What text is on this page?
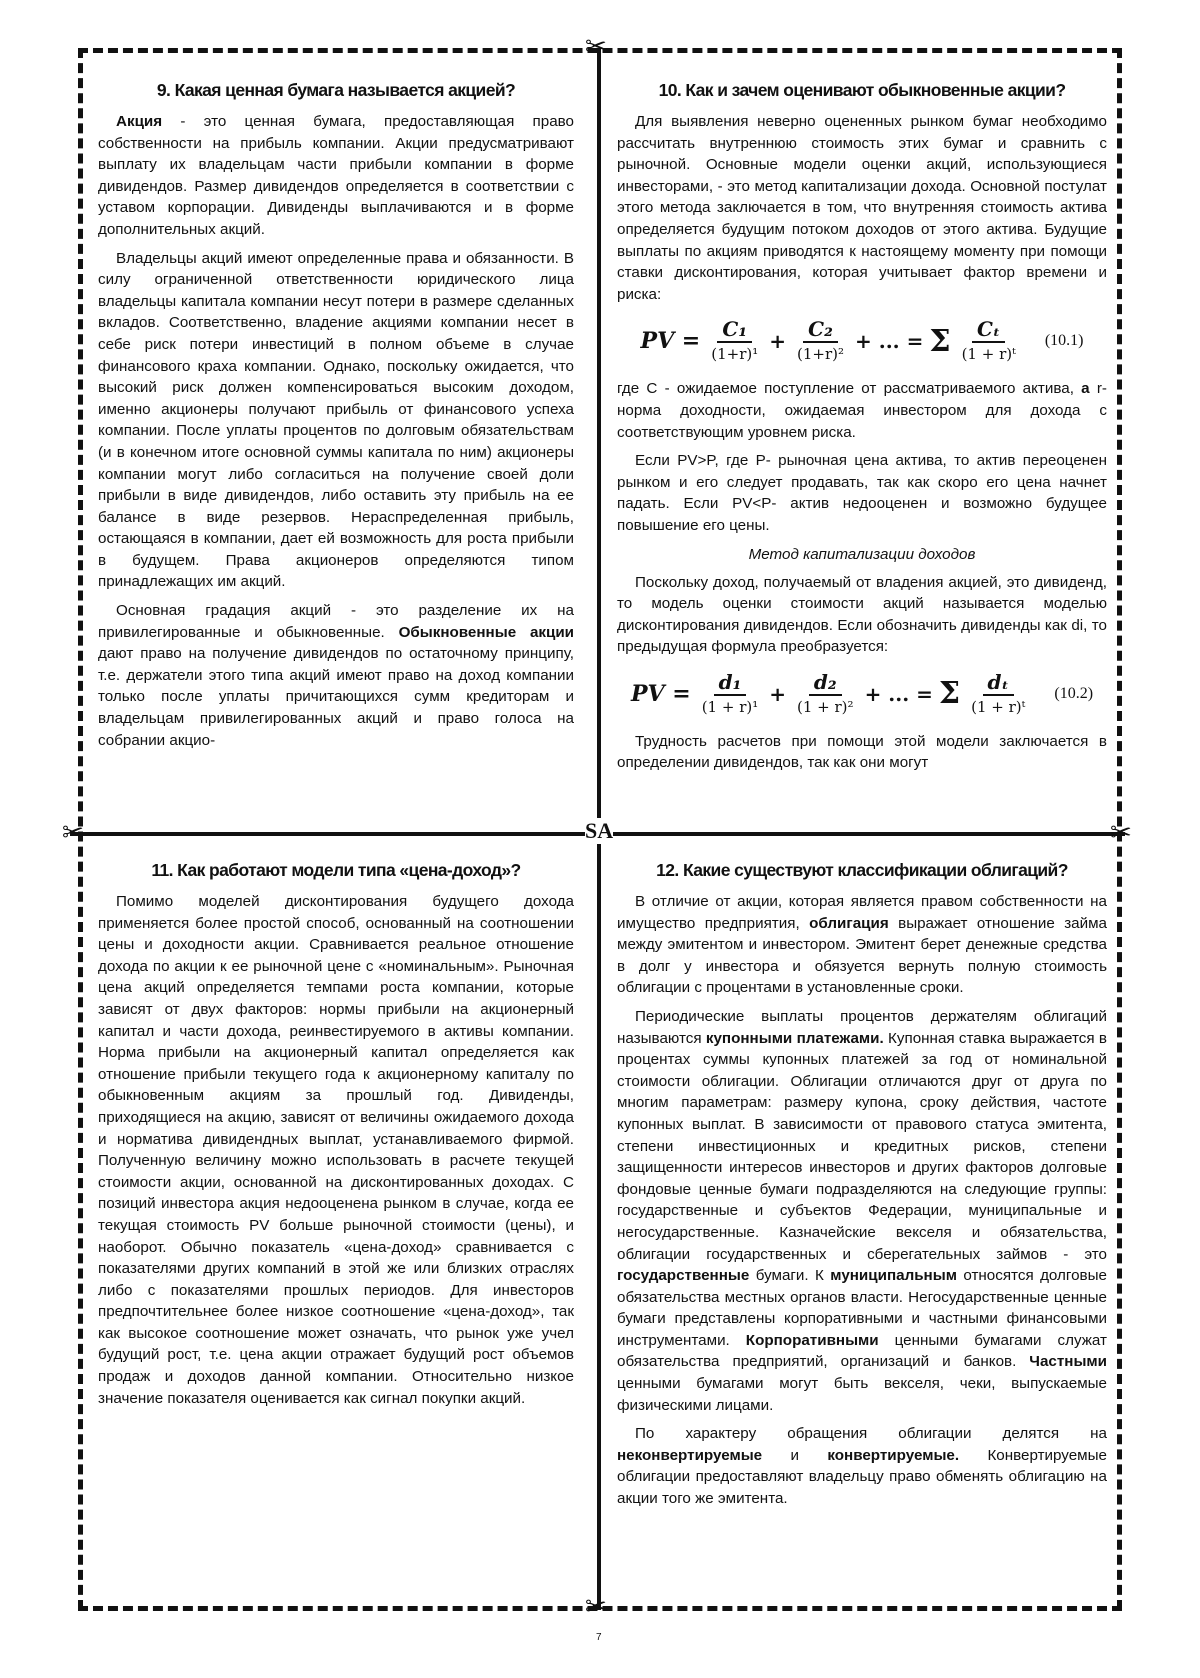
✂
✂	✂
✂
SA
9. Какая ценная бумага называется акцией?

Акция - это ценная бумага, предоставляющая право собственности на прибыль компании. Акции предусматривают выплату их владельцам части прибыли компании в форме дивидендов. Размер дивидендов определяется в соответствии с уставом корпорации. Дивиденды выплачиваются и в форме дополнительных акций.

Владельцы акций имеют определенные права и обязанности. В силу ограниченной ответственности юридического лица владельцы капитала компании несут потери в размере сделанных вкладов. Соответственно, владение акциями компании несет в себе риск потери инвестиций в полном объеме в случае финансового краха компании. Однако, поскольку ожидается, что высокий риск должен компенсироваться высоким доходом, именно акционеры получают прибыль от финансового успеха компании. После уплаты процентов по долговым обязательствам (и в конечном итоге основной суммы капитала по ним) акционеры компании могут либо согласиться на получение своей доли прибыли в виде дивидендов, либо оставить эту прибыль на ее балансе в виде резервов. Нераспределенная прибыль, остающаяся в компании, дает ей возможность для роста прибыли в будущем. Права акционеров определяются типом принадлежащих им акций.

Основная градация акций - это разделение их на привилегированные и обыкновенные. Обыкновенные акции дают право на получение дивидендов по остаточному принципу, т.е. держатели этого типа акций имеют право на доход компании только после уплаты причитающихся сумм кредиторам и владельцам привилегированных акций и право голоса на собрании акцио-

10. Как и зачем оценивают обыкновенные акции?

Для выявления неверно оцененных рынком бумаг необходимо рассчитать внутреннюю стоимость этих бумаг и сравнить с рыночной. Основные модели оценки акций, использующиеся инвесторами, - это метод капитализации дохода. Основной постулат этого метода заключается в том, что внутренняя стоимость актива определяется будущим потоком доходов от этого актива. Будущие выплаты по акциям приводятся к настоящему моменту при помощи ставки дисконтирования, которая учитывает фактор времени и риска:

PV = $\frac{\text{C₁}}{\text{(1+r)¹}} + \frac{\text{C₂}}{\text{(1+r)²}}$ + ... = Σ $\frac{\text{Cₜ}}{\text{(1 + r)ᵗ}} (10.1)$

где С - ожидаемое поступление от рассматриваемого актива, а r- норма доходности, ожидаемая инвестором для дохода с соответствующим уровнем риска.

Если PV>P, где P- рыночная цена актива, то актив переоценен рынком и его следует продавать, так как скоро его цена начнет падать. Если PV<P- актив недооценен и возможно будущее повышение его цены.

Метод капитализации доходов

Поскольку доход, получаемый от владения акцией, это дивиденд, то модель оценки стоимости акций называется моделью дисконтирования дивидендов. Если обозначить дивиденды как di, то предыдущая формула преобразуется:

PV = $\frac{\text{d₁}}{\text{(1 + r)¹}} + \frac{\text{d₂}}{\text{(1 + r)²}}$ + ... = Σ $\frac{\text{dₜ}}{\text{(1 + r)ᵗ}} (10.2)$

Трудность расчетов при помощи этой модели заключается в определении дивидендов, так как они могут

11. Как работают модели типа «цена-доход»?

Помимо моделей дисконтирования будущего дохода применяется более простой способ, основанный на соотношении цены и доходности акции. Сравнивается реальное отношение дохода по акции к ее рыночной цене с «номинальным». Рыночная цена акций определяется темпами роста компании, которые зависят от двух факторов: нормы прибыли на акционерный капитал и части дохода, реинвестируемого в активы компании. Норма прибыли на акционерный капитал определяется как отношение прибыли текущего года к акционерному капиталу по обыкновенным акциям за прошлый год. Дивиденды, приходящиеся на акцию, зависят от величины ожидаемого дохода и норматива дивидендных выплат, устанавливаемого фирмой. Полученную величину можно использовать в расчете текущей стоимости акции, основанной на дисконтированных доходах. С позиций инвестора акция недооценена рынком в случае, когда ее текущая стоимость PV больше рыночной стоимости (цены), и наоборот. Обычно показатель «цена-доход» сравнивается с показателями других компаний в этой же или близких отраслях либо с показателями прошлых периодов. Для инвесторов предпочтительнее более низкое соотношение «цена-доход», так как высокое соотношение может означать, что рынок уже учел будущий рост, т.е. цена акции отражает будущий рост объемов продаж и доходов данной компании. Относительно низкое значение показателя оценивается как сигнал покупки акций.

12. Какие существуют классификации облигаций?

В отличие от акции, которая является правом собственности на имущество предприятия, облигация выражает отношение займа между эмитентом и инвестором. Эмитент берет денежные средства в долг у инвестора и обязуется вернуть полную стоимость облигации с процентами в установленные сроки.

Периодические выплаты процентов держателям облигаций называются купонными платежами. Купонная ставка выражается в процентах суммы купонных платежей за год от номинальной стоимости облигации. Облигации отличаются друг от друга по многим параметрам: размеру купона, сроку действия, частоте купонных выплат. В зависимости от правового статуса эмитента, степени инвестиционных и кредитных рисков, степени защищенности интересов инвесторов и других факторов долговые фондовые ценные бумаги подразделяются на следующие группы: государственные и субъектов Федерации, муниципальные и негосударственные. Казначейские векселя и обязательства, облигации государственных и сберегательных займов - это государственные бумаги. К муниципальным относятся долговые обязательства местных органов власти. Негосударственные ценные бумаги представлены корпоративными и частными финансовыми инструментами. Корпоративными ценными бумагами служат обязательства предприятий, организаций и банков. Частными ценными бумагами могут быть векселя, чеки, выпускаемые физическими лицами.

По характеру обращения облигации делятся на неконвертируемые и конвертируемые. Конвертируемые облигации предоставляют владельцу право обменять облигацию на акции того же эмитента.

7
